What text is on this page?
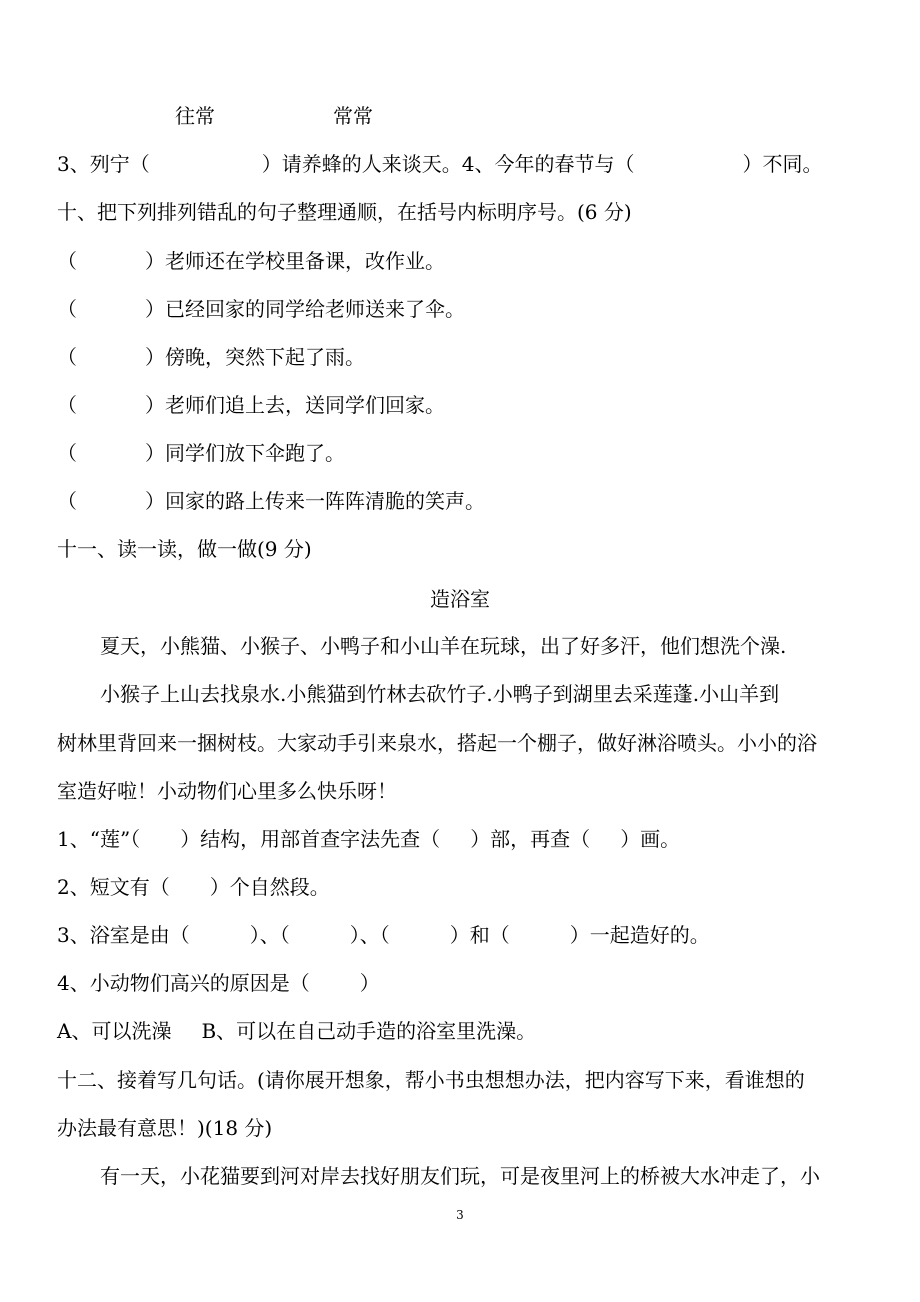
往常	常常
3、列宁（	）请养蜂的人来谈天。4、今年的春节与（	）不同。
十、把下列排列错乱的句子整理通顺，在括号内标明序号。(6 分)
（	）老师还在学校里备课，改作业。
（	）已经回家的同学给老师送来了伞。
（	）傍晚，突然下起了雨。
（	）老师们追上去，送同学们回家。
（	）同学们放下伞跑了。
（	）回家的路上传来一阵阵清脆的笑声。
十一、读一读，做一做(9 分)
造浴室
夏天，小熊猫、小猴子、小鸭子和小山羊在玩球，出了好多汗，他们想洗个澡.
小猴子上山去找泉水.小熊猫到竹林去砍竹子.小鸭子到湖里去采莲蓬.小山羊到
树林里背回来一捆树枝。大家动手引来泉水，搭起一个棚子，做好淋浴喷头。小小的浴
室造好啦！小动物们心里多么快乐呀！
1、“莲”（ ）结构，用部首查字法先查（ ）部，再查（ ）画。
2、短文有（ ）个自然段。
3、浴室是由（	）、（	）、（	）和（	）一起造好的。
4、小动物们高兴的原因是（	）
A、可以洗澡 B、可以在自己动手造的浴室里洗澡。
十二、接着写几句话。(请你展开想象，帮小书虫想想办法，把内容写下来，看谁想的
办法最有意思！)(18 分)
有一天，小花猫要到河对岸去找好朋友们玩，可是夜里河上的桥被大水冲走了，小
3
